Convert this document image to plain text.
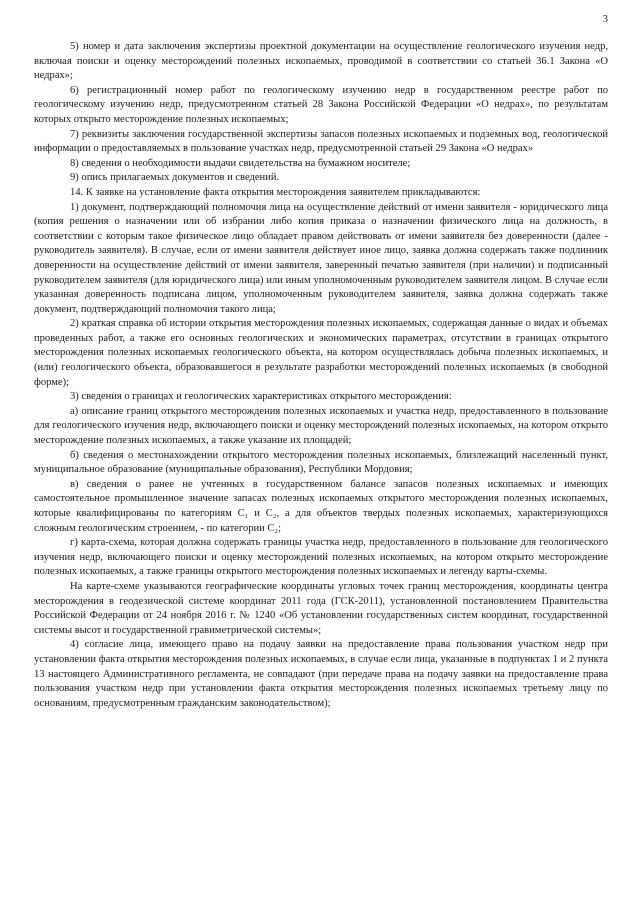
3

5) номер и дата заключения экспертизы проектной документации на осуществление геологического изучения недр, включая поиски и оценку месторождений полезных ископаемых, проводимой в соответствии со статьей 36.1 Закона «О недрах»;

6) регистрационный номер работ по геологическому изучению недр в государственном реестре работ по геологическому изучению недр, предусмотренном статьей 28 Закона Российской Федерации «О недрах», по результатам которых открыто месторождение полезных ископаемых;

7) реквизиты заключения государственной экспертизы запасов полезных ископаемых и подземных вод, геологической информации о предоставляемых в пользование участках недр, предусмотренной статьей 29 Закона «О недрах»

8) сведения о необходимости выдачи свидетельства на бумажном носителе;

9) опись прилагаемых документов и сведений.

14. К заявке на установление факта открытия месторождения заявителем прикладываются:

1) документ, подтверждающий полномочия лица на осуществление действий от имени заявителя - юридического лица (копия решения о назначении или об избрании либо копия приказа о назначении физического лица на должность, в соответствии с которым такое физическое лицо обладает правом действовать от имени заявителя без доверенности (далее - руководитель заявителя). В случае, если от имени заявителя действует иное лицо, заявка должна содержать также подлинник доверенности на осуществление действий от имени заявителя, заверенный печатью заявителя (при наличии) и подписанный руководителем заявителя (для юридического лица) или иным уполномоченным руководителем заявителя лицом. В случае если указанная доверенность подписана лицом, уполномоченным руководителем заявителя, заявка должна содержать также документ, подтверждающий полномочия такого лица;

2) краткая справка об истории открытия месторождения полезных ископаемых, содержащая данные о видах и объемах проведенных работ, а также его основных геологических и экономических параметрах, отсутствии в границах открытого месторождения полезных ископаемых геологического объекта, на котором осуществлялась добыча полезных ископаемых, и (или) геологического объекта, образовавшегося в результате разработки месторождений полезных ископаемых (в свободной форме);

3) сведения о границах и геологических характеристиках открытого месторождения:

а) описание границ открытого месторождения полезных ископаемых и участка недр, предоставленного в пользование для геологического изучения недр, включающего поиски и оценку месторождений полезных ископаемых, на котором открыто месторождение полезных ископаемых, а также указание их площадей;

б) сведения о местонахождении открытого месторождения полезных ископаемых, близлежащий населенный пункт, муниципальное образование (муниципальные образования), Республики Мордовия;

в) сведения о ранее не учтенных в государственном балансе запасов полезных ископаемых и имеющих самостоятельное промышленное значение запасах полезных ископаемых открытого месторождения полезных ископаемых, которые квалифицированы по категориям С₁ и С₂, а для объектов твердых полезных ископаемых, характеризующихся сложным геологическим строением, - по категории С₂;

г) карта-схема, которая должна содержать границы участка недр, предоставленного в пользование для геологического изучения недр, включающего поиски и оценку месторождений полезных ископаемых, на котором открыто месторождение полезных ископаемых, а также границы открытого месторождения полезных ископаемых и легенду карты-схемы.

На карте-схеме указываются географические координаты угловых точек границ месторождения, координаты центра месторождения в геодезической системе координат 2011 года (ГСК-2011), установленной постановлением Правительства Российской Федерации от 24 ноября 2016 г. № 1240 «Об установлении государственных систем координат, государственной системы высот и государственной гравиметрической системы»;

4) согласие лица, имеющего право на подачу заявки на предоставление права пользования участком недр при установлении факта открытия месторождения полезных ископаемых, в случае если лица, указанные в подпунктах 1 и 2 пункта 13 настоящего Административного регламента, не совпадают (при передаче права на подачу заявки на предоставление права пользования участком недр при установлении факта открытия месторождения полезных ископаемых третьему лицу по основаниям, предусмотренным гражданским законодательством);
